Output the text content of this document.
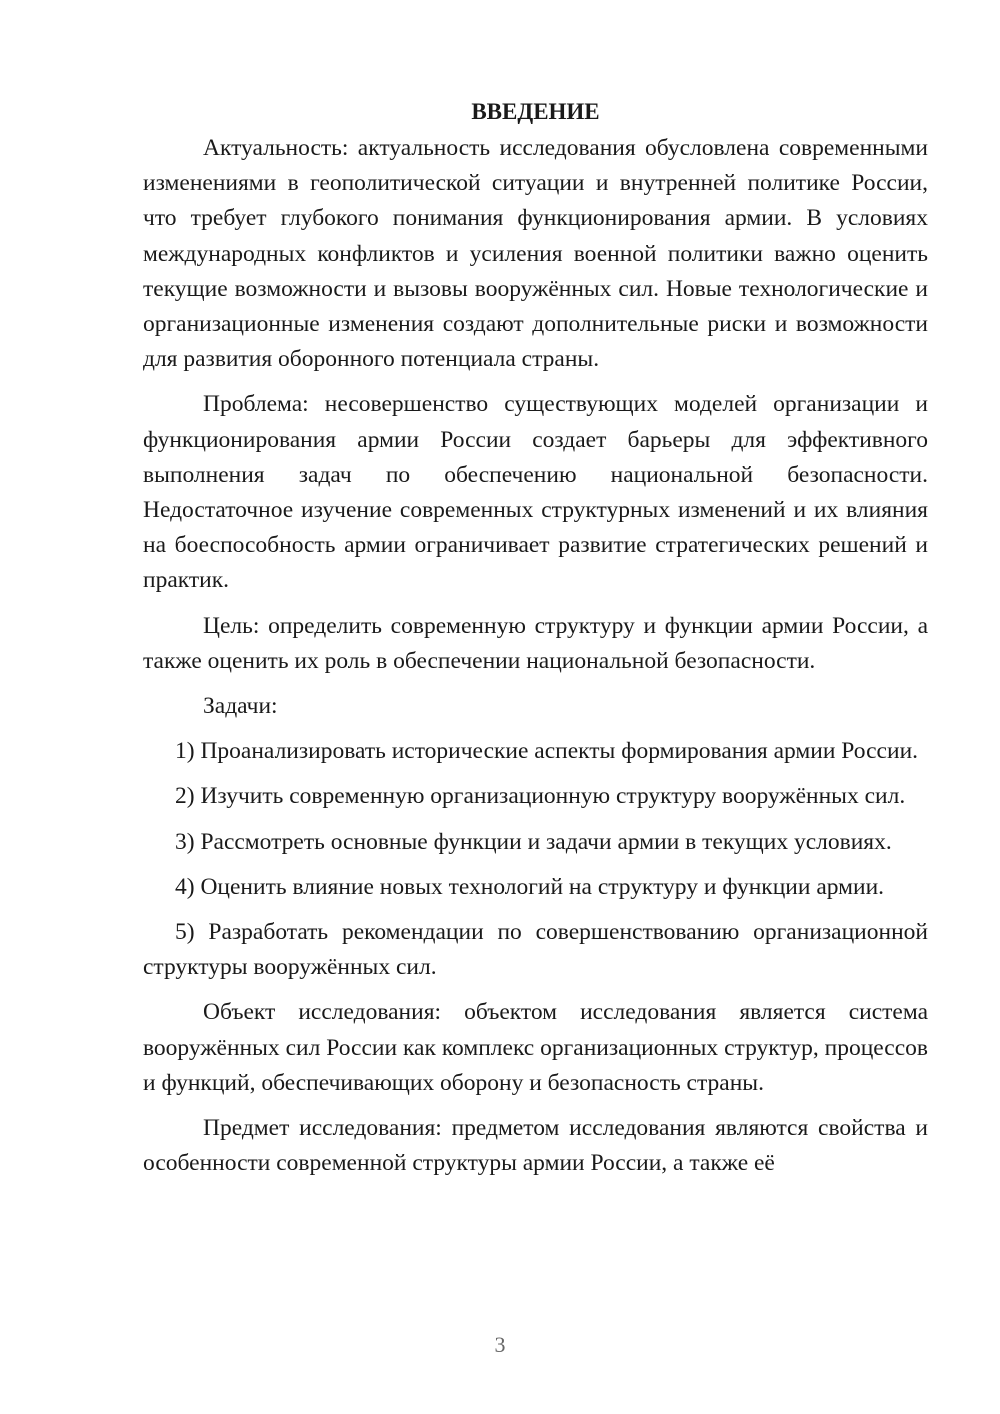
ВВЕДЕНИЕ

Актуальность: актуальность исследования обусловлена современными изменениями в геополитической ситуации и внутренней политике России, что требует глубокого понимания функционирования армии. В условиях международных конфликтов и усиления военной политики важно оценить текущие возможности и вызовы вооружённых сил. Новые технологические и организационные изменения создают дополнительные риски и возможности для развития оборонного потенциала страны.

Проблема: несовершенство существующих моделей организации и функционирования армии России создает барьеры для эффективного выполнения задач по обеспечению национальной безопасности. Недостаточное изучение современных структурных изменений и их влияния на боеспособность армии ограничивает развитие стратегических решений и практик.

Цель: определить современную структуру и функции армии России, а также оценить их роль в обеспечении национальной безопасности.

Задачи:

1) Проанализировать исторические аспекты формирования армии России.

2) Изучить современную организационную структуру вооружённых сил.

3) Рассмотреть основные функции и задачи армии в текущих условиях.

4) Оценить влияние новых технологий на структуру и функции армии.

5) Разработать рекомендации по совершенствованию организационной структуры вооружённых сил.

Объект исследования: объектом исследования является система вооружённых сил России как комплекс организационных структур, процессов и функций, обеспечивающих оборону и безопасность страны.

Предмет исследования: предметом исследования являются свойства и особенности современной структуры армии России, а также её

3
